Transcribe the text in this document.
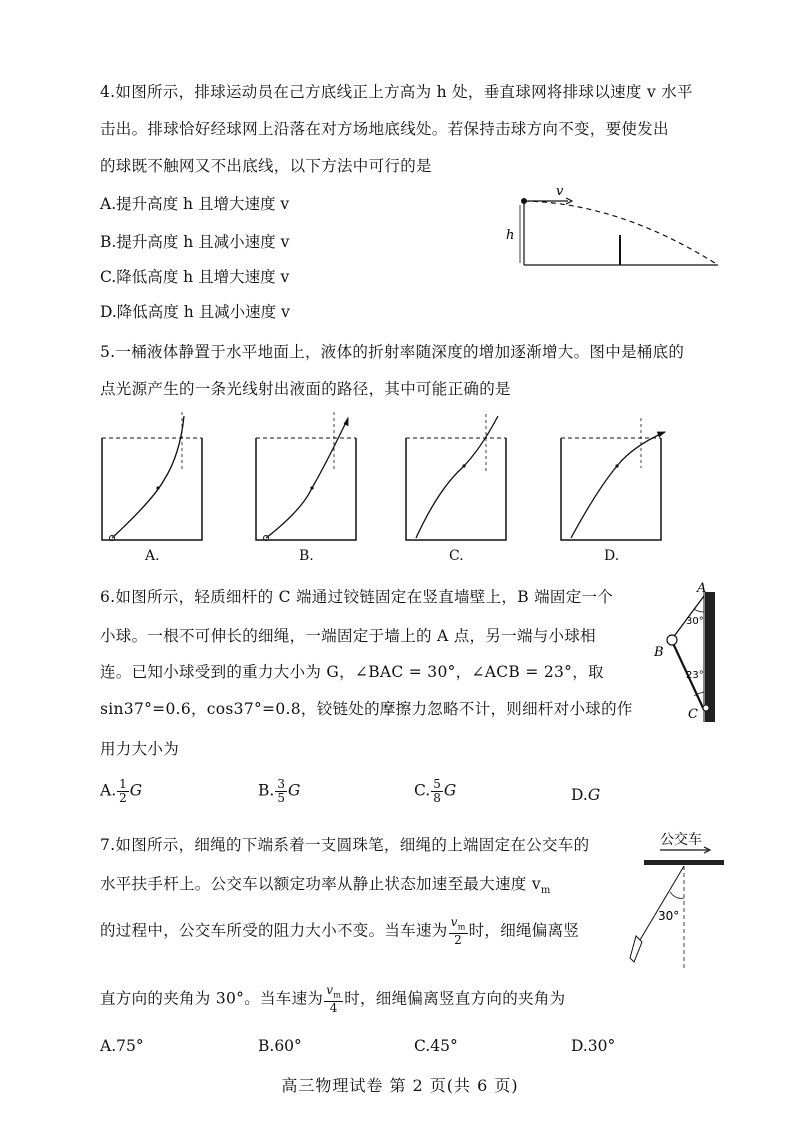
4.如图所示，排球运动员在己方底线正上方高为 h 处，垂直球网将排球以速度 v 水平
击出。排球恰好经球网上沿落在对方场地底线处。若保持击球方向不变，要使发出
的球既不触网又不出底线，以下方法中可行的是
A.提升高度 h 且增大速度 v
B.提升高度 h 且减小速度 v
C.降低高度 h 且增大速度 v
D.降低高度 h 且减小速度 v
v
h
5.一桶液体静置于水平地面上，液体的折射率随深度的增加逐渐增大。图中是桶底的
点光源产生的一条光线射出液面的路径，其中可能正确的是
A.	B.	C.	D.
6.如图所示，轻质细杆的 C 端通过铰链固定在竖直墙壁上，B 端固定一个
小球。一根不可伸长的细绳，一端固定于墙上的 A 点，另一端与小球相
连。已知小球受到的重力大小为 G，∠BAC = 30°，∠ACB = 23°，取
sin37°=0.6，cos37°=0.8，铰链处的摩擦力忽略不计，则细杆对小球的作
用力大小为
A. $\frac{1}{2}$ G	B. $\frac{3}{5}$ G	C. $\frac{5}{8}$ G	D.G
A
B
C
30°
23°
7.如图所示，细绳的下端系着一支圆珠笔，细绳的上端固定在公交车的
水平扶手杆上。公交车以额定功率从静止状态加速至最大速度 $v_m$
的过程中，公交车所受的阻力大小不变。当车速为 $\frac{v_m}{2}$ 时，细绳偏离竖
直方向的夹角为 30°。当车速为 $\frac{v_m}{4}$ 时，细绳偏离竖直方向的夹角为
A.75°	B.60°	C.45°	D.30°
公交车
30°
高三物理试卷 第 2 页(共 6 页)
